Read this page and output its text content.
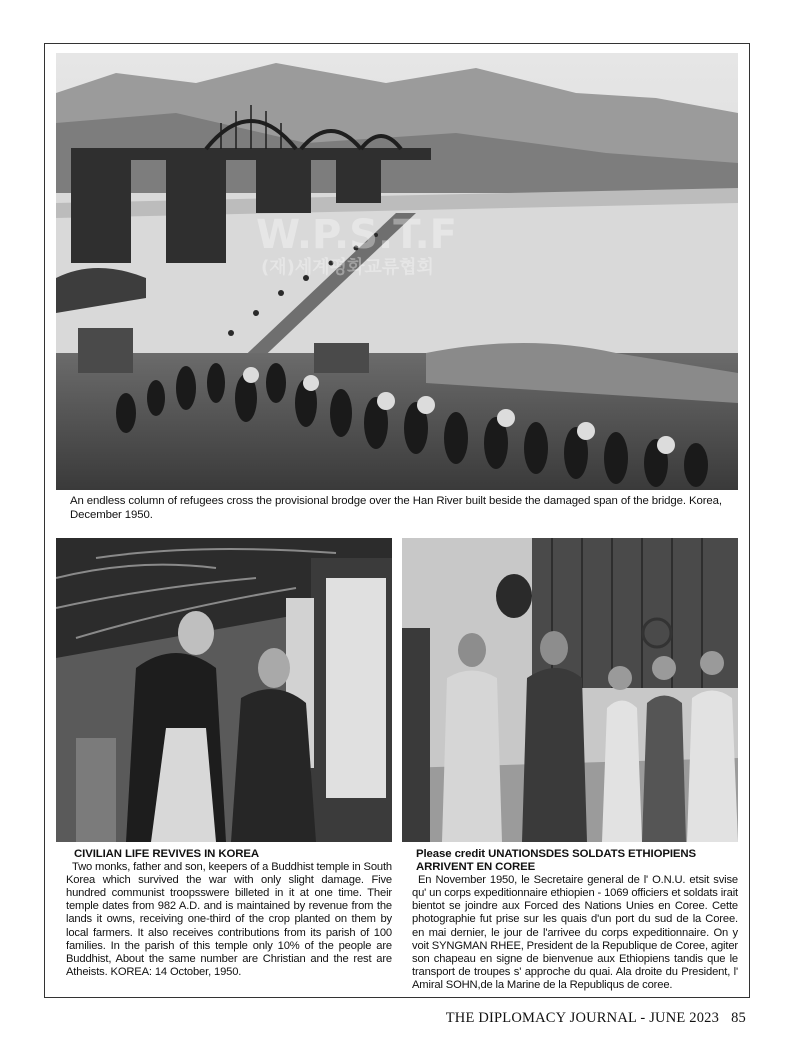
W.P.S.T.F
(재)세계평화교류협회
An endless column of refugees cross the provisional brodge over the Han River built beside the damaged span of the bridge. Korea, December 1950.
CIVILIAN LIFE REVIVES IN KOREA
Two monks, father and son, keepers of a Buddhist temple in South Korea which survived the war with only slight damage. Five hundred communist troopsswere billeted in it at one time. Their temple dates from 982 A.D. and is maintained by revenue from the lands it owns, receiving one-third of the crop planted on them by local farmers. It also receives contributions from its parish of 100 families. In the parish of this temple only 10% of the people are Buddhist, About the same number are Christian and the rest are Atheists. KOREA: 14 October, 1950.
Please credit UNATIONSDES SOLDATS ETHIOPIENS ARRIVENT EN COREE
En November 1950, le Secretaire general de l' O.N.U. etsit svise qu' un corps expeditionnaire ethiopien - 1069 officiers et soldats irait bientot se joindre aux Forced des Nations Unies en Coree. Cette photographie fut prise sur les quais d'un port du sud de la Coree. en mai dernier, le jour de l'arrivee du corps expeditionnaire. On y voit SYNGMAN RHEE, President de la Republique de Coree, agiter son chapeau en signe de bienvenue aux Ethiopiens tandis que le transport de troupes s' approche du quai. Ala droite du President, l' Amiral SOHN,de la Marine de la Republiqus de coree.
THE DIPLOMACY JOURNAL - JUNE 2023 85
